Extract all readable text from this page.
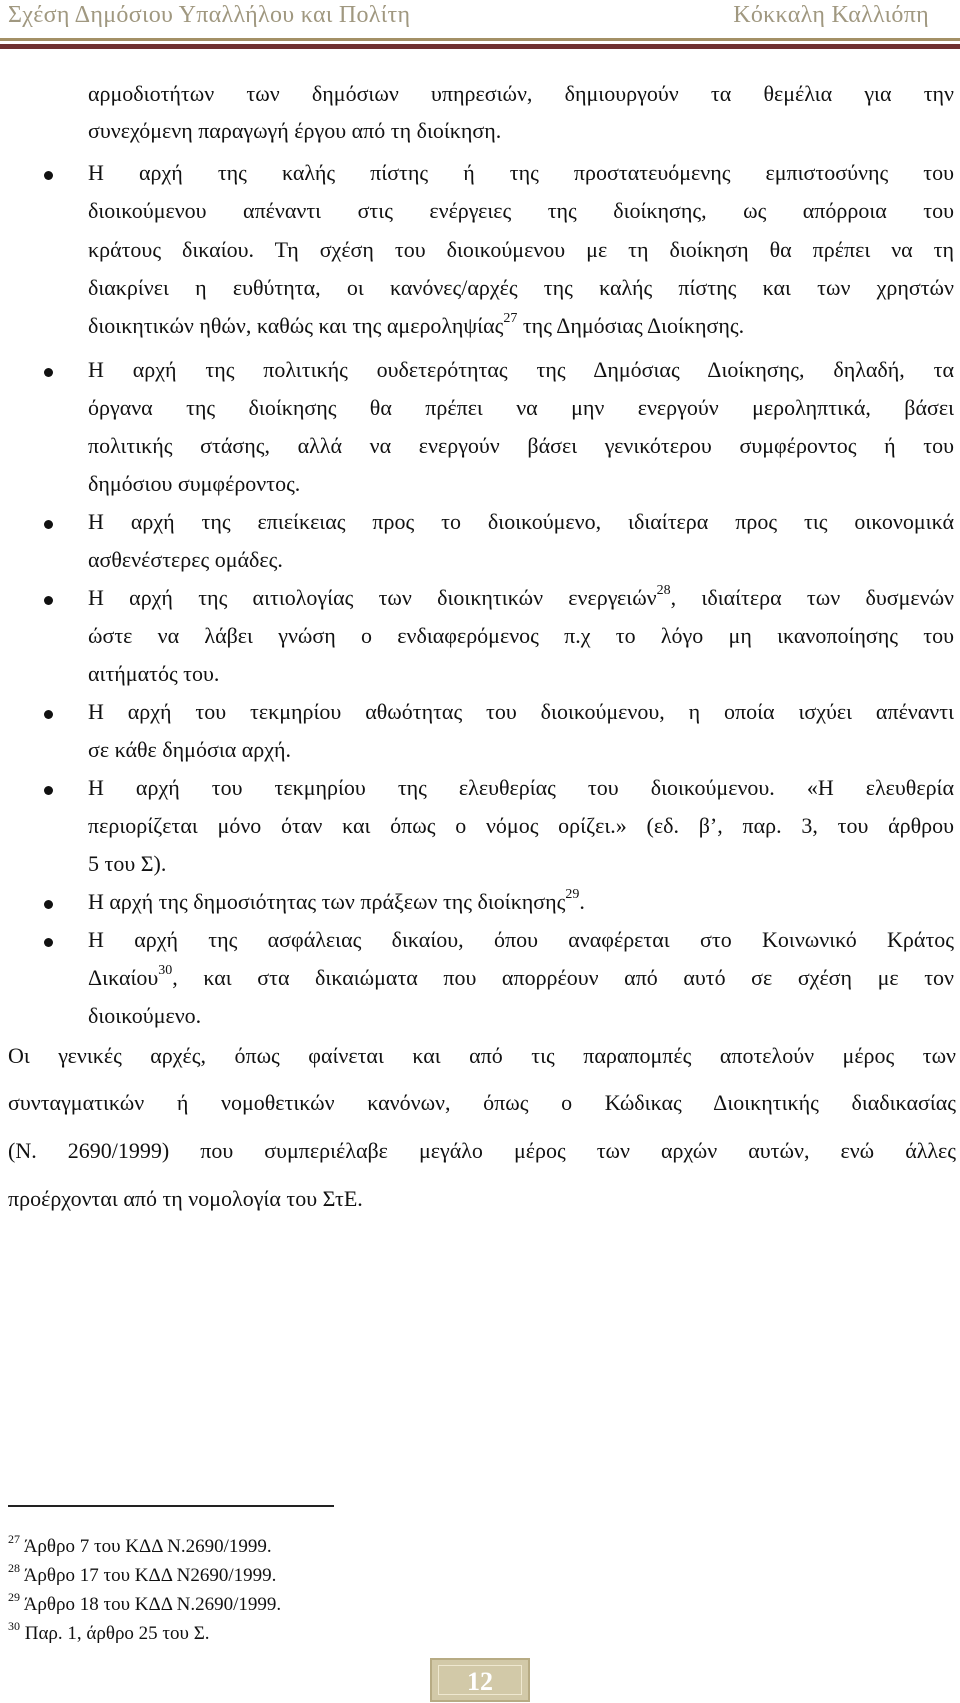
Σχέση Δημόσιου Υπαλλήλου και Πολίτη	Κόκκαλη Καλλιόπη
αρμοδιοτήτων των δημόσιων υπηρεσιών, δημιουργούν τα θεμέλια για την
συνεχόμενη παραγωγή έργου από τη διοίκηση.
Η αρχή της καλής πίστης ή της προστατευόμενης εμπιστοσύνης του
διοικούμενου απέναντι στις ενέργειες της διοίκησης, ως απόρροια του
κράτους δικαίου. Τη σχέση του διοικούμενου με τη διοίκηση θα πρέπει να τη
διακρίνει η ευθύτητα, οι κανόνες/αρχές της καλής πίστης και των χρηστών
διοικητικών ηθών, καθώς και της αμεροληψίας$^{27}$ της Δημόσιας Διοίκησης.
Η αρχή της πολιτικής ουδετερότητας της Δημόσιας Διοίκησης, δηλαδή, τα
όργανα της διοίκησης θα πρέπει να μην ενεργούν μεροληπτικά, βάσει
πολιτικής στάσης, αλλά να ενεργούν βάσει γενικότερου συμφέροντος ή του
δημόσιου συμφέροντος.
Η αρχή της επιείκειας προς το διοικούμενο, ιδιαίτερα προς τις οικονομικά
ασθενέστερες ομάδες.
Η αρχή της αιτιολογίας των διοικητικών ενεργειών$^{28}$, ιδιαίτερα των δυσμενών
ώστε να λάβει γνώση ο ενδιαφερόμενος π.χ το λόγο μη ικανοποίησης του
αιτήματός του.
Η αρχή του τεκμηρίου αθωότητας του διοικούμενου, η οποία ισχύει απέναντι
σε κάθε δημόσια αρχή.
Η αρχή του τεκμηρίου της ελευθερίας του διοικούμενου. «Η ελευθερία
περιορίζεται μόνο όταν και όπως ο νόμος ορίζει.» (εδ. β’, παρ. 3, του άρθρου
5 του Σ).
Η αρχή της δημοσιότητας των πράξεων της διοίκησης$^{29}$.
Η αρχή της ασφάλειας δικαίου, όπου αναφέρεται στο Κοινωνικό Κράτος
Δικαίου$^{30}$, και στα δικαιώματα που απορρέουν από αυτό σε σχέση με τον
διοικούμενο.
Οι γενικές αρχές, όπως φαίνεται και από τις παραπομπές αποτελούν μέρος των
συνταγματικών ή νομοθετικών κανόνων, όπως ο Κώδικας Διοικητικής διαδικασίας
(Ν. 2690/1999) που συμπεριέλαβε μεγάλο μέρος των αρχών αυτών, ενώ άλλες
προέρχονται από τη νομολογία του ΣτΕ.
$^{27}$ Άρθρο 7 του ΚΔΔ Ν.2690/1999.
$^{28}$ Άρθρο 17 του ΚΔΔ Ν2690/1999.
$^{29}$ Άρθρο 18 του ΚΔΔ Ν.2690/1999.
$^{30}$ Παρ. 1, άρθρο 25 του Σ.
12
